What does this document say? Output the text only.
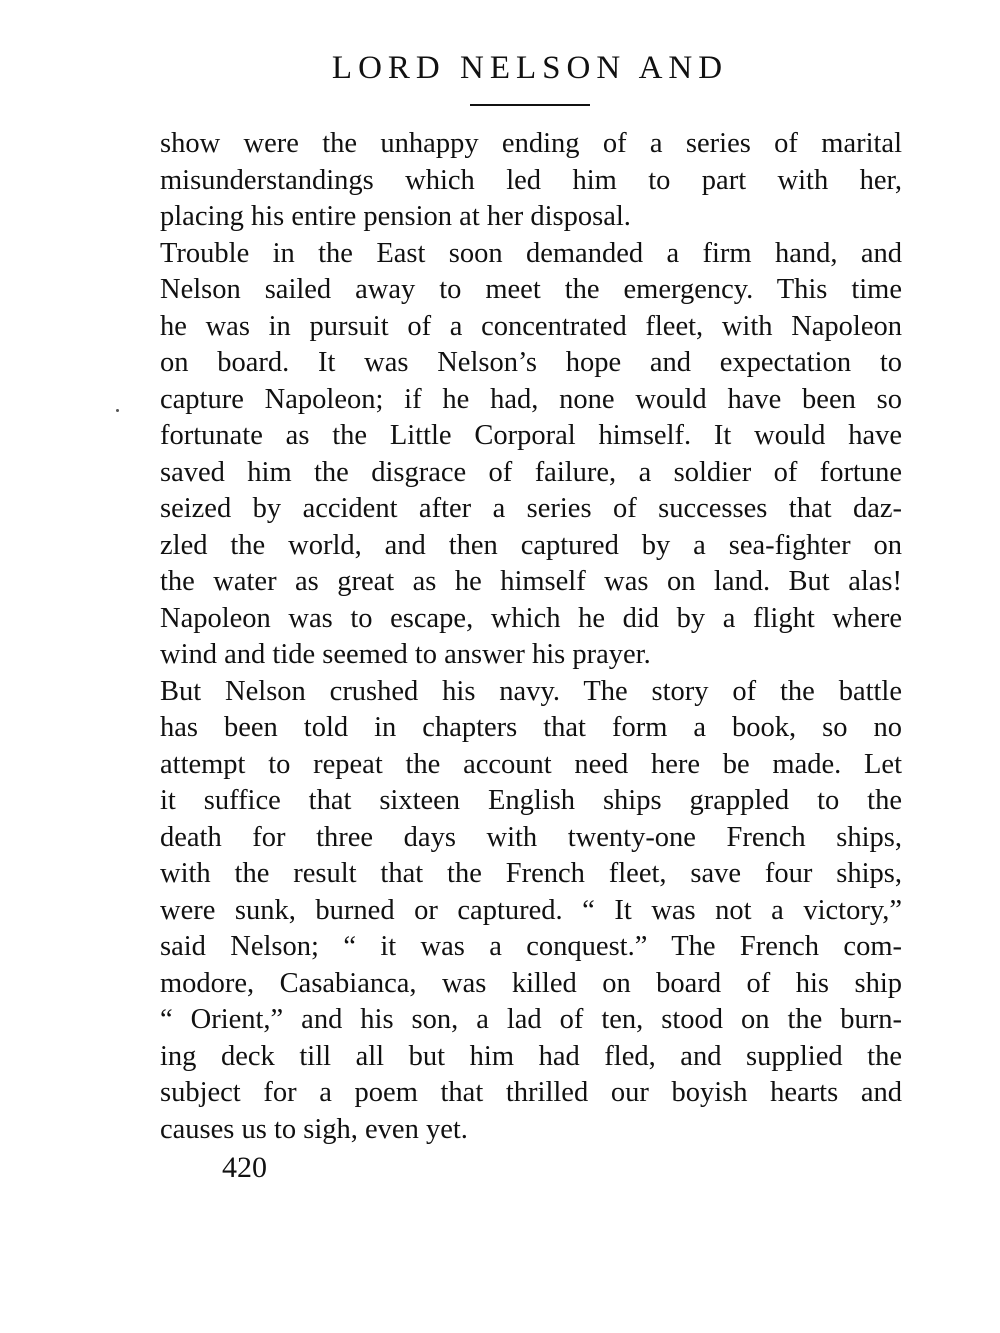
LORD NELSON AND
show were the unhappy ending of a series of marital
misunderstandings which led him to part with her,
placing his entire pension at her disposal.
Trouble in the East soon demanded a firm hand, and
Nelson sailed away to meet the emergency. This time
he was in pursuit of a concentrated fleet, with Napoleon
on board. It was Nelson’s hope and expectation to
capture Napoleon; if he had, none would have been so
fortunate as the Little Corporal himself. It would have
saved him the disgrace of failure, a soldier of fortune
seized by accident after a series of successes that daz-
zled the world, and then captured by a sea-fighter on
the water as great as he himself was on land. But alas!
Napoleon was to escape, which he did by a flight where
wind and tide seemed to answer his prayer.
But Nelson crushed his navy. The story of the battle
has been told in chapters that form a book, so no
attempt to repeat the account need here be made. Let
it suffice that sixteen English ships grappled to the
death for three days with twenty-one French ships,
with the result that the French fleet, save four ships,
were sunk, burned or captured. “ It was not a victory,”
said Nelson; “ it was a conquest.” The French com-
modore, Casabianca, was killed on board of his ship
“ Orient,” and his son, a lad of ten, stood on the burn-
ing deck till all but him had fled, and supplied the
subject for a poem that thrilled our boyish hearts and
causes us to sigh, even yet.
420
